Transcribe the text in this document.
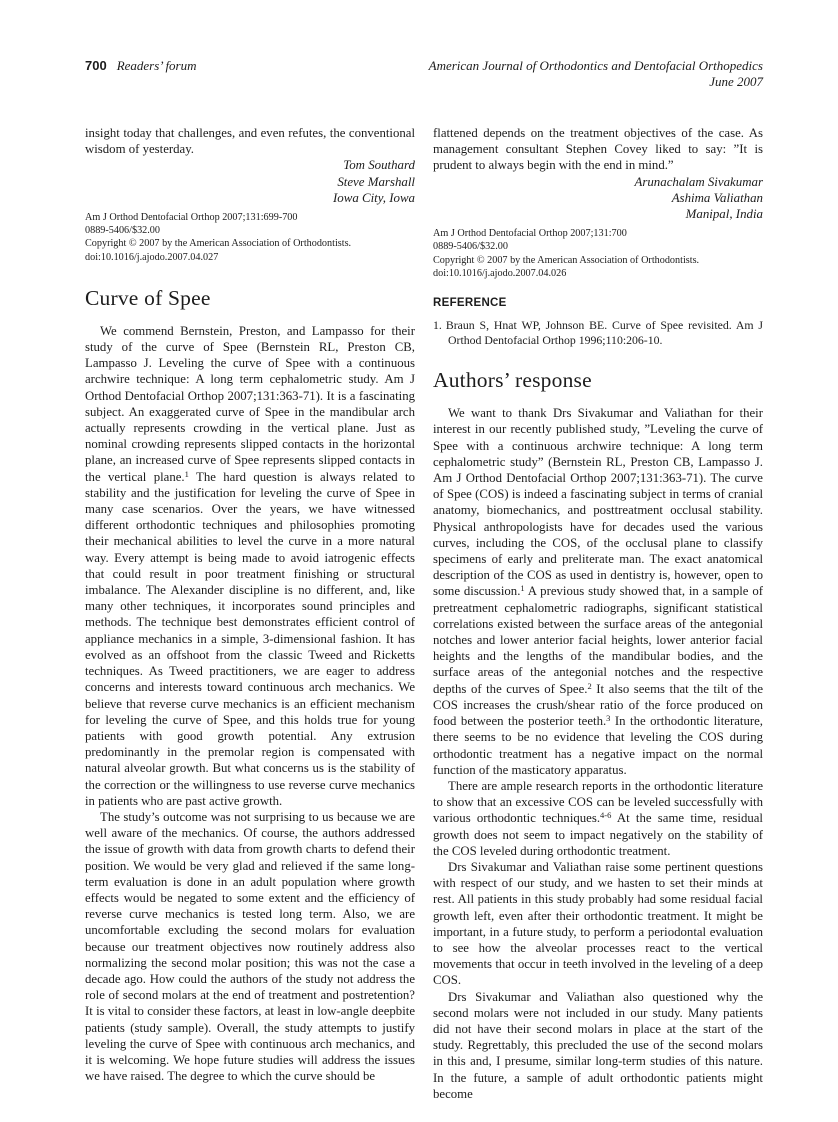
700 Readers’ forum	American Journal of Orthodontics and Dentofacial Orthopedics
June 2007

insight today that challenges, and even refutes, the conventional wisdom of yesterday.

Tom Southard
Steve Marshall
Iowa City, Iowa
Am J Orthod Dentofacial Orthop 2007;131:699-700
0889-5406/$32.00
Copyright © 2007 by the American Association of Orthodontists.
doi:10.1016/j.ajodo.2007.04.027
Curve of Spee

We commend Bernstein, Preston, and Lampasso for their study of the curve of Spee (Bernstein RL, Preston CB, Lampasso J. Leveling the curve of Spee with a continuous archwire technique: A long term cephalometric study. Am J Orthod Dentofacial Orthop 2007;131:363-71). It is a fascinating subject. An exaggerated curve of Spee in the mandibular arch actually represents crowding in the vertical plane. Just as nominal crowding represents slipped contacts in the horizontal plane, an increased curve of Spee represents slipped contacts in the vertical plane.$^1$ The hard question is always related to stability and the justification for leveling the curve of Spee in many case scenarios. Over the years, we have witnessed different orthodontic techniques and philosophies promoting their mechanical abilities to level the curve in a more natural way. Every attempt is being made to avoid iatrogenic effects that could result in poor treatment finishing or structural imbalance. The Alexander discipline is no different, and, like many other techniques, it incorporates sound principles and methods. The technique best demonstrates efficient control of appliance mechanics in a simple, 3-dimensional fashion. It has evolved as an offshoot from the classic Tweed and Ricketts techniques. As Tweed practitioners, we are eager to address concerns and interests toward continuous arch mechanics. We believe that reverse curve mechanics is an efficient mechanism for leveling the curve of Spee, and this holds true for young patients with good growth potential. Any extrusion predominantly in the premolar region is compensated with natural alveolar growth. But what concerns us is the stability of the correction or the willingness to use reverse curve mechanics in patients who are past active growth.

The study’s outcome was not surprising to us because we are well aware of the mechanics. Of course, the authors addressed the issue of growth with data from growth charts to defend their position. We would be very glad and relieved if the same long-term evaluation is done in an adult population where growth effects would be negated to some extent and the efficiency of reverse curve mechanics is tested long term. Also, we are uncomfortable excluding the second molars for evaluation because our treatment objectives now routinely address also normalizing the second molar position; this was not the case a decade ago. How could the authors of the study not address the role of second molars at the end of treatment and postretention? It is vital to consider these factors, at least in low-angle deepbite patients (study sample). Overall, the study attempts to justify leveling the curve of Spee with continuous arch mechanics, and it is welcoming. We hope future studies will address the issues we have raised. The degree to which the curve should be

flattened depends on the treatment objectives of the case. As management consultant Stephen Covey liked to say: ”It is prudent to always begin with the end in mind.”

Arunachalam Sivakumar
Ashima Valiathan
Manipal, India
Am J Orthod Dentofacial Orthop 2007;131:700
0889-5406/$32.00
Copyright © 2007 by the American Association of Orthodontists.
doi:10.1016/j.ajodo.2007.04.026
REFERENCE
1. Braun S, Hnat WP, Johnson BE. Curve of Spee revisited. Am J Orthod Dentofacial Orthop 1996;110:206-10.
Authors’ response

We want to thank Drs Sivakumar and Valiathan for their interest in our recently published study, ”Leveling the curve of Spee with a continuous archwire technique: A long term cephalometric study” (Bernstein RL, Preston CB, Lampasso J. Am J Orthod Dentofacial Orthop 2007;131:363-71). The curve of Spee (COS) is indeed a fascinating subject in terms of cranial anatomy, biomechanics, and posttreatment occlusal stability. Physical anthropologists have for decades used the various curves, including the COS, of the occlusal plane to classify specimens of early and preliterate man. The exact anatomical description of the COS as used in dentistry is, however, open to some discussion.$^1$ A previous study showed that, in a sample of pretreatment cephalometric radiographs, significant statistical correlations existed between the surface areas of the antegonial notches and lower anterior facial heights, lower anterior facial heights and the lengths of the mandibular bodies, and the surface areas of the antegonial notches and the respective depths of the curves of Spee.$^2$ It also seems that the tilt of the COS increases the crush/shear ratio of the force produced on food between the posterior teeth.$^3$ In the orthodontic literature, there seems to be no evidence that leveling the COS during orthodontic treatment has a negative impact on the normal function of the masticatory apparatus.

There are ample research reports in the orthodontic literature to show that an excessive COS can be leveled successfully with various orthodontic techniques.$^{4-6}$ At the same time, residual growth does not seem to impact negatively on the stability of the COS leveled during orthodontic treatment.

Drs Sivakumar and Valiathan raise some pertinent questions with respect of our study, and we hasten to set their minds at rest. All patients in this study probably had some residual facial growth left, even after their orthodontic treatment. It might be important, in a future study, to perform a periodontal evaluation to see how the alveolar processes react to the vertical movements that occur in teeth involved in the leveling of a deep COS.

Drs Sivakumar and Valiathan also questioned why the second molars were not included in our study. Many patients did not have their second molars in place at the start of the study. Regrettably, this precluded the use of the second molars in this and, I presume, similar long-term studies of this nature. In the future, a sample of adult orthodontic patients might become
